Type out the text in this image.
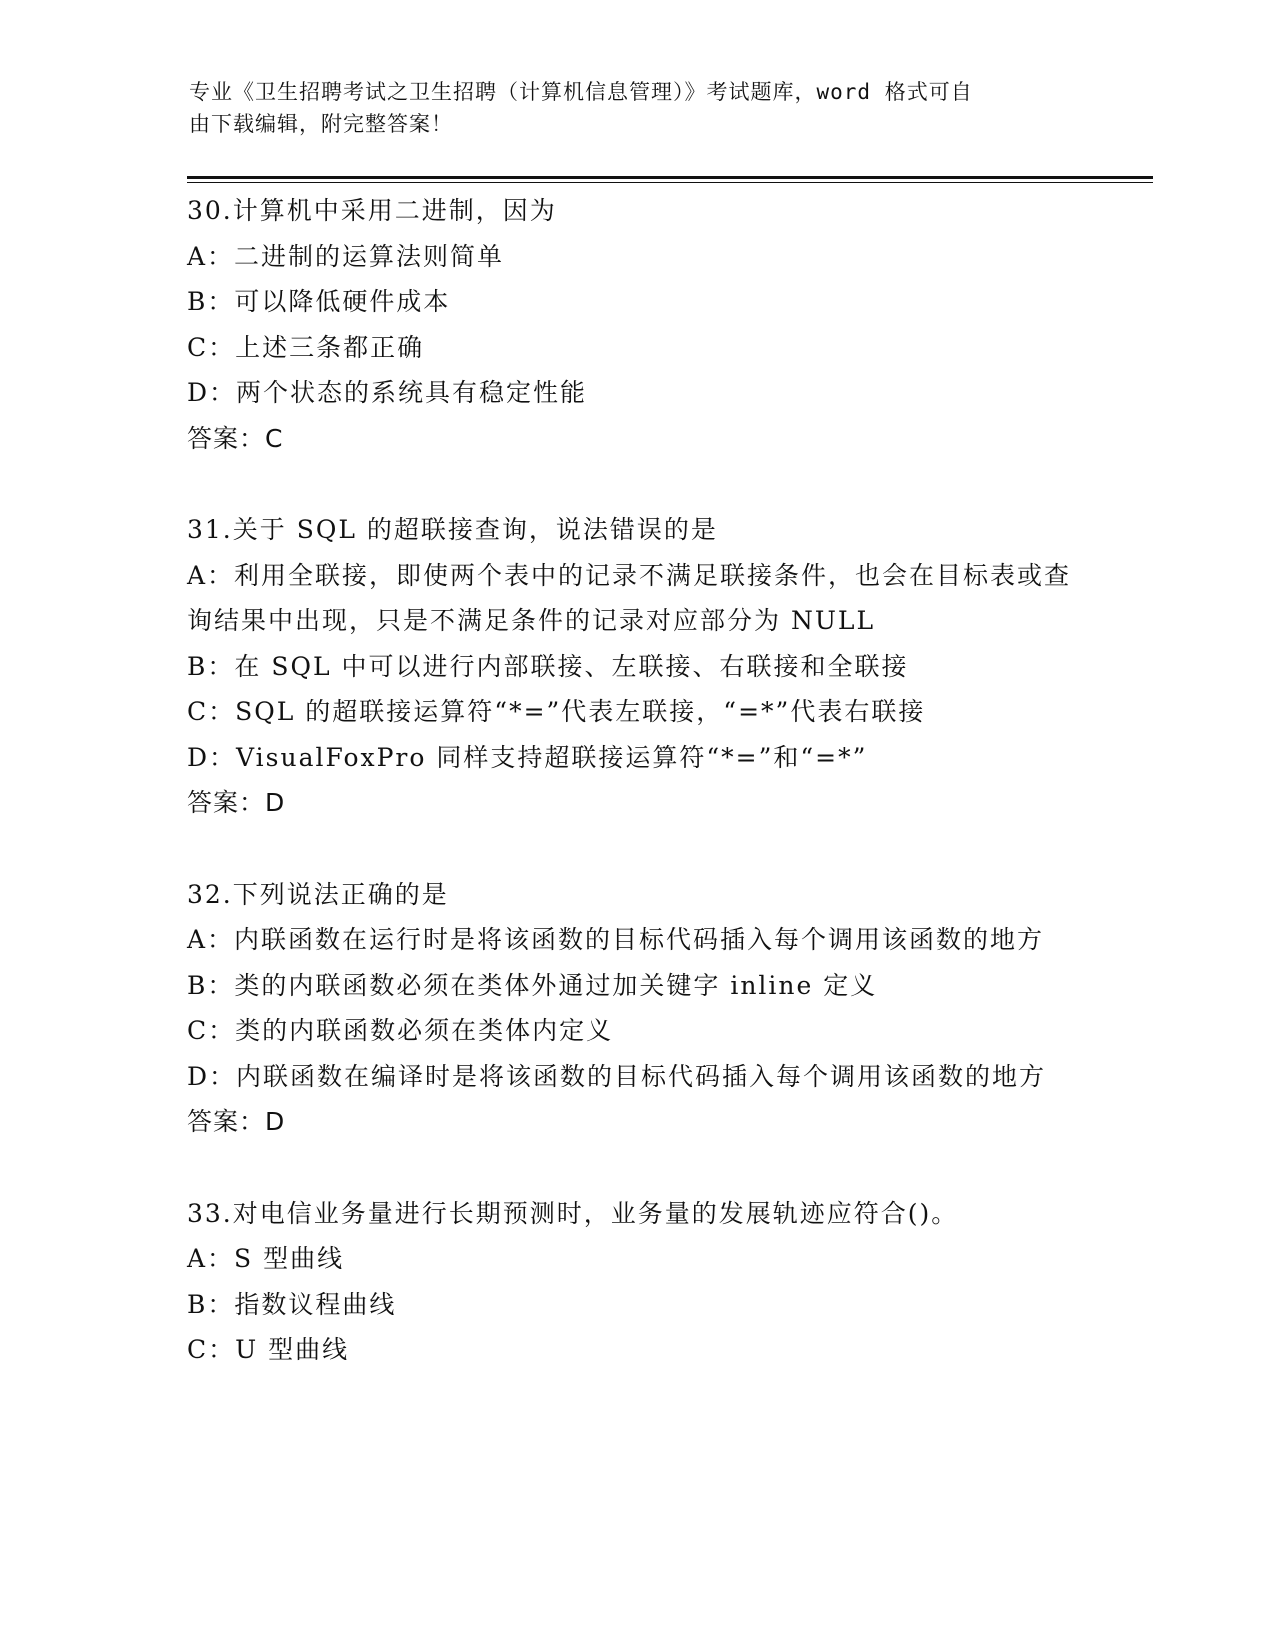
专业《卫生招聘考试之卫生招聘（计算机信息管理）》考试题库，word 格式可自
由下载编辑，附完整答案！
30.计算机中采用二进制，因为
A：二进制的运算法则简单
B：可以降低硬件成本
C：上述三条都正确
D：两个状态的系统具有稳定性能
答案：C
31.关于 SQL 的超联接查询，说法错误的是
A：利用全联接，即使两个表中的记录不满足联接条件，也会在目标表或查询结果中出现，只是不满足条件的记录对应部分为 NULL
B：在 SQL 中可以进行内部联接、左联接、右联接和全联接
C：SQL 的超联接运算符“*=”代表左联接，“=*”代表右联接
D：VisualFoxPro 同样支持超联接运算符“*=”和“=*”
答案：D
32.下列说法正确的是
A：内联函数在运行时是将该函数的目标代码插入每个调用该函数的地方
B：类的内联函数必须在类体外通过加关键字 inline 定义
C：类的内联函数必须在类体内定义
D：内联函数在编译时是将该函数的目标代码插入每个调用该函数的地方
答案：D
33.对电信业务量进行长期预测时，业务量的发展轨迹应符合()。
A：S 型曲线
B：指数议程曲线
C：U 型曲线
